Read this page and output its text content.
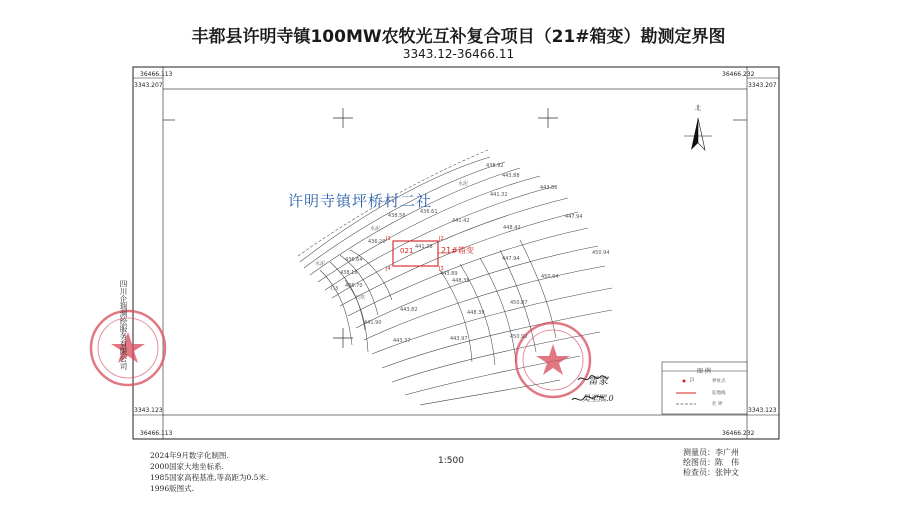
丰都县许明寺镇100MW农牧光互补复合项目（21#箱变）勘测定界图
3343.12-36466.11
36466.113
3343.207
36466.232
3343.207
3343.123
36466.113
3343.123
36466.232
北
许明寺镇坪桥村二社
四川企瑞测绘服务有限公司
021 441.28 21#箱变
J1	J2
J3
J4
438.92
443.88
441.32
443.86
447.94
448.42
450.94
447.94
450.94
448.35
450.87
448.39
450.92
443.97
443.37
441.90
443.82
438.56
436.61
436.20
436.64
438.16
436.70
441.42
443.89
水泥
水泥
水泥
石3
石坎
图 例
J1	界址点
征地线
社 界
雷家
吴至熙.0
2024年9月数字化制图.
2000国家大地坐标系.
1985国家高程基准,等高距为0.5米.
1996版图式.
1:500
测量员：李广州
绘图员：陈　伟
检查员：张钟文
